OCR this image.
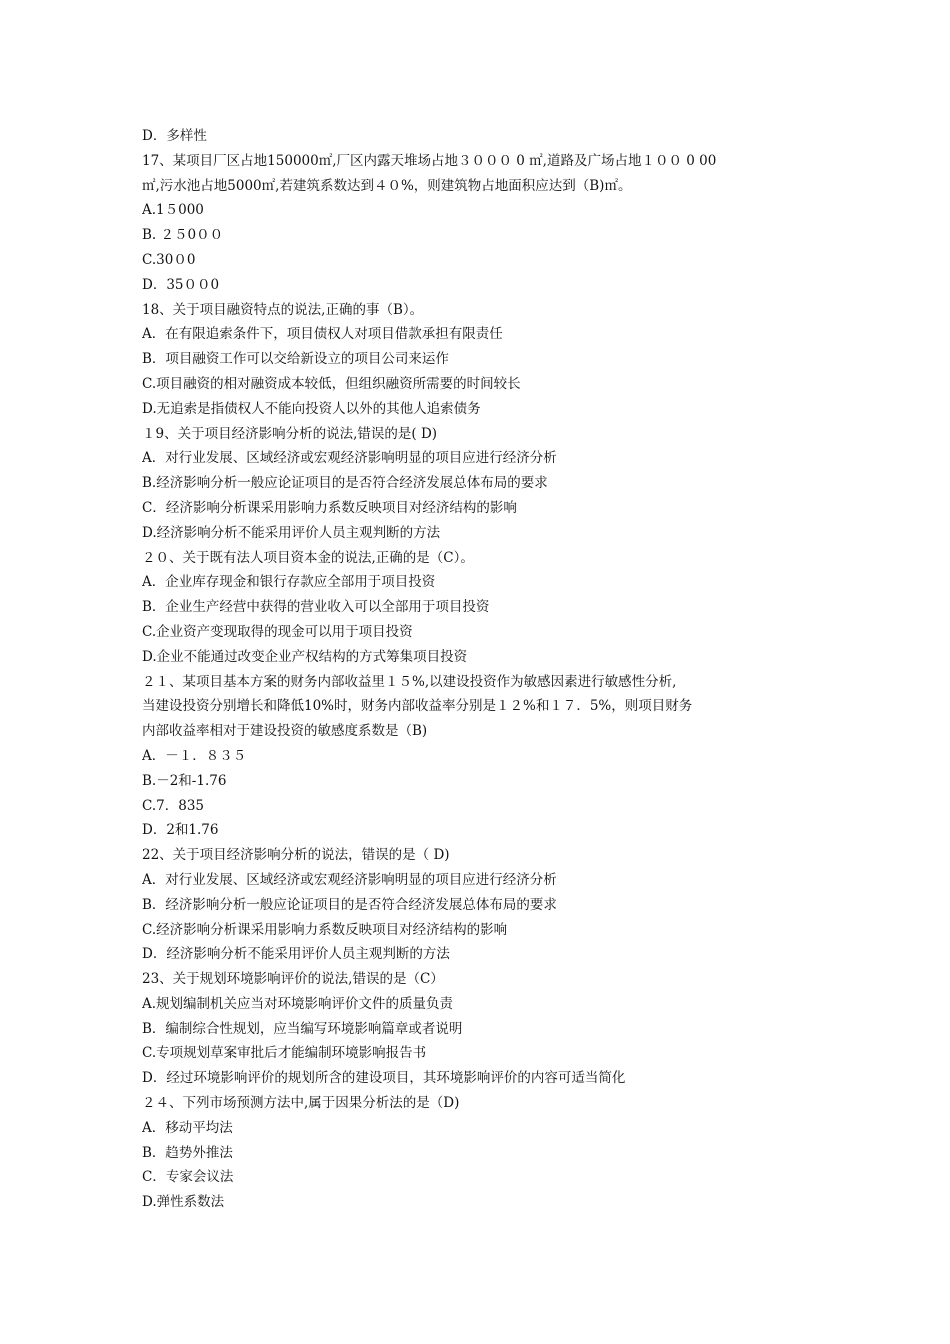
D．多样性
17、某项目厂区占地150000㎡,厂区内露天堆场占地３０００ 0 ㎡,道路及广场占地１００ 0 00
㎡,污水池占地5000㎡,若建筑系数达到４０%，则建筑物占地面积应达到（B)㎡。
A.1５000
B. ２５0００
C.30０0
D．35００0
18、关于项目融资特点的说法,正确的事（B）。
A．在有限追索条件下，项目债权人对项目借款承担有限责任
B．项目融资工作可以交给新设立的项目公司来运作
C.项目融资的相对融资成本较低，但组织融资所需要的时间较长
D.无追索是指债权人不能向投资人以外的其他人追索债务
１9、关于项目经济影响分析的说法,错误的是( D)
A．对行业发展、区域经济或宏观经济影响明显的项目应进行经济分析
B.经济影响分析一般应论证项目的是否符合经济发展总体布局的要求
C．经济影响分析课采用影响力系数反映项目对经济结构的影响
D.经济影响分析不能采用评价人员主观判断的方法
２０、关于既有法人项目资本金的说法,正确的是（C）。
A．企业库存现金和银行存款应全部用于项目投资
B．企业生产经营中获得的营业收入可以全部用于项目投资
C.企业资产变现取得的现金可以用于项目投资
D.企业不能通过改变企业产权结构的方式筹集项目投资
２１、某项目基本方案的财务内部收益里１５%,以建设投资作为敏感因素进行敏感性分析,
当建设投资分别增长和降低10%时，财务内部收益率分别是１２%和１７．5%，则项目财务
内部收益率相对于建设投资的敏感度系数是（B)
A．－１．８３５
B.－2和-1.76
C.7．835
D．2和1.76
22、关于项目经济影响分析的说法，错误的是（ D)
A．对行业发展、区域经济或宏观经济影响明显的项目应进行经济分析
B．经济影响分析一般应论证项目的是否符合经济发展总体布局的要求
C.经济影响分析课采用影响力系数反映项目对经济结构的影响
D．经济影响分析不能采用评价人员主观判断的方法
23、关于规划环境影响评价的说法,错误的是（C）
A.规划编制机关应当对环境影响评价文件的质量负责
B．编制综合性规划，应当编写环境影响篇章或者说明
C.专项规划草案审批后才能编制环境影响报告书
D．经过环境影响评价的规划所含的建设项目，其环境影响评价的内容可适当简化
２４、下列市场预测方法中,属于因果分析法的是（D)
A．移动平均法
B．趋势外推法
C．专家会议法
D.弹性系数法
